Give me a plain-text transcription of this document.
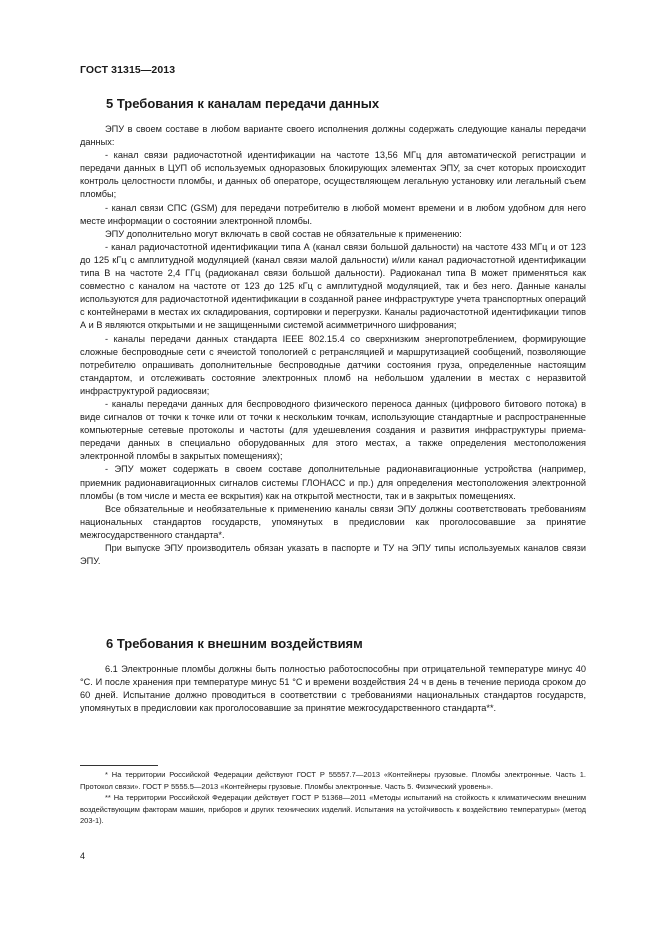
ГОСТ 31315—2013
5 Требования к каналам передачи данных

ЭПУ в своем составе в любом варианте своего исполнения должны содержать следующие каналы передачи данных:

- канал связи радиочастотной идентификации на частоте 13,56 МГц для автоматической регистрации и передачи данных в ЦУП об используемых одноразовых блокирующих элементах ЭПУ, за счет которых происходит контроль целостности пломбы, и данных об операторе, осуществляющем легальную установку или легальный съем пломбы;

- канал связи СПС (GSM) для передачи потребителю в любой момент времени и в любом удобном для него месте информации о состоянии электронной пломбы.

ЭПУ дополнительно могут включать в свой состав не обязательные к применению:

- канал радиочастотной идентификации типа А (канал связи большой дальности) на частоте 433 МГц и от 123 до 125 кГц с амплитудной модуляцией (канал связи малой дальности) и/или канал радиочастотной идентификации типа В на частоте 2,4 ГГц (радиоканал связи большой дальности). Радиоканал типа В может применяться как совместно с каналом на частоте от 123 до 125 кГц с амплитудной модуляцией, так и без него. Данные каналы используются для радиочастотной идентификации в созданной ранее инфраструктуре учета транспортных операций с контейнерами в местах их складирования, сортировки и перегрузки. Каналы радиочастотной идентификации типов А и В являются открытыми и не защищенными системой асимметричного шифрования;

- каналы передачи данных стандарта IEEE 802.15.4 со сверхнизким энергопотреблением, формирующие сложные беспроводные сети с ячеистой топологией с ретрансляцией и маршрутизацией сообщений, позволяющие потребителю опрашивать дополнительные беспроводные датчики состояния груза, определенные настоящим стандартом, и отслеживать состояние электронных пломб на небольшом удалении в местах с неразвитой инфраструктурой радиосвязи;

- каналы передачи данных для беспроводного физического переноса данных (цифрового битового потока) в виде сигналов от точки к точке или от точки к нескольким точкам, использующие стандартные и распространенные компьютерные сетевые протоколы и частоты (для удешевления создания и развития инфраструктуры приема-передачи данных в специально оборудованных для этого местах, а также определения местоположения электронной пломбы в закрытых помещениях);

- ЭПУ может содержать в своем составе дополнительные радионавигационные устройства (например, приемник радионавигационных сигналов системы ГЛОНАСС и пр.) для определения местоположения электронной пломбы (в том числе и места ее вскрытия) как на открытой местности, так и в закрытых помещениях.

Все обязательные и необязательные к применению каналы связи ЭПУ должны соответствовать требованиям национальных стандартов государств, упомянутых в предисловии как проголосовавшие за принятие межгосударственного стандарта*.

При выпуске ЭПУ производитель обязан указать в паспорте и ТУ на ЭПУ типы используемых каналов связи ЭПУ.

6 Требования к внешним воздействиям

6.1 Электронные пломбы должны быть полностью работоспособны при отрицательной температуре минус 40 °С. И после хранения при температуре минус 51 °С и времени воздействия 24 ч в день в течение периода сроком до 60 дней. Испытание должно проводиться в соответствии с требованиями национальных стандартов государств, упомянутых в предисловии как проголосовавшие за принятие межгосударственного стандарта**.

* На территории Российской Федерации действуют ГОСТ Р 55557.7—2013 «Контейнеры грузовые. Пломбы электронные. Часть 1. Протокол связи». ГОСТ Р 5555.5—2013 «Контейнеры грузовые. Пломбы электронные. Часть 5. Физический уровень».

** На территории Российской Федерации действует ГОСТ Р 51368—2011 «Методы испытаний на стойкость к климатическим внешним воздействующим факторам машин, приборов и других технических изделий. Испытания на устойчивость к воздействию температуры» (метод 203-1).

4
